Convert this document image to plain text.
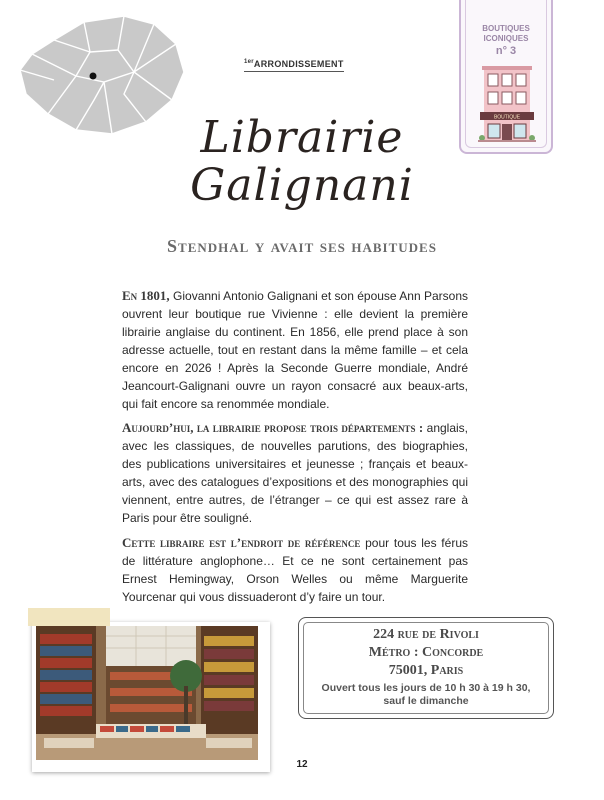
$^{1er}$ARRONDISSEMENT
BOUTIQUES
ICONIQUES
n° 3
BOUTIQUE
Librairie
Galignani
Stendhal y avait ses habitudes
En 1801, Giovanni Antonio Galignani et son épouse Ann Parsons ouvrent leur boutique rue Vivienne : elle devient la première librairie anglaise du continent. En 1856, elle prend place à son adresse actuelle, tout en restant dans la même famille – et cela encore en 2026 ! Après la Seconde Guerre mondiale, André Jeancourt-Galignani ouvre un rayon consacré aux beaux-arts, qui fait encore sa renommée mondiale.
Aujourd’hui, la librairie propose trois départements : anglais, avec les classiques, de nouvelles parutions, des biographies, des publications universitaires et jeunesse ; français et beaux-arts, avec des catalogues d’expositions et des monographies qui viennent, entre autres, de l’étranger – ce qui est assez rare à Paris pour être souligné.
Cette libraire est l’endroit de référence pour tous les férus de littérature anglophone… Et ce ne sont certainement pas Ernest Hemingway, Orson Welles ou même Marguerite Yourcenar qui vous dissuaderont d’y faire un tour.
224 rue de Rivoli
Métro : Concorde
75001, Paris
Ouvert tous les jours de 10 h 30 à 19 h 30,
sauf le dimanche
12
